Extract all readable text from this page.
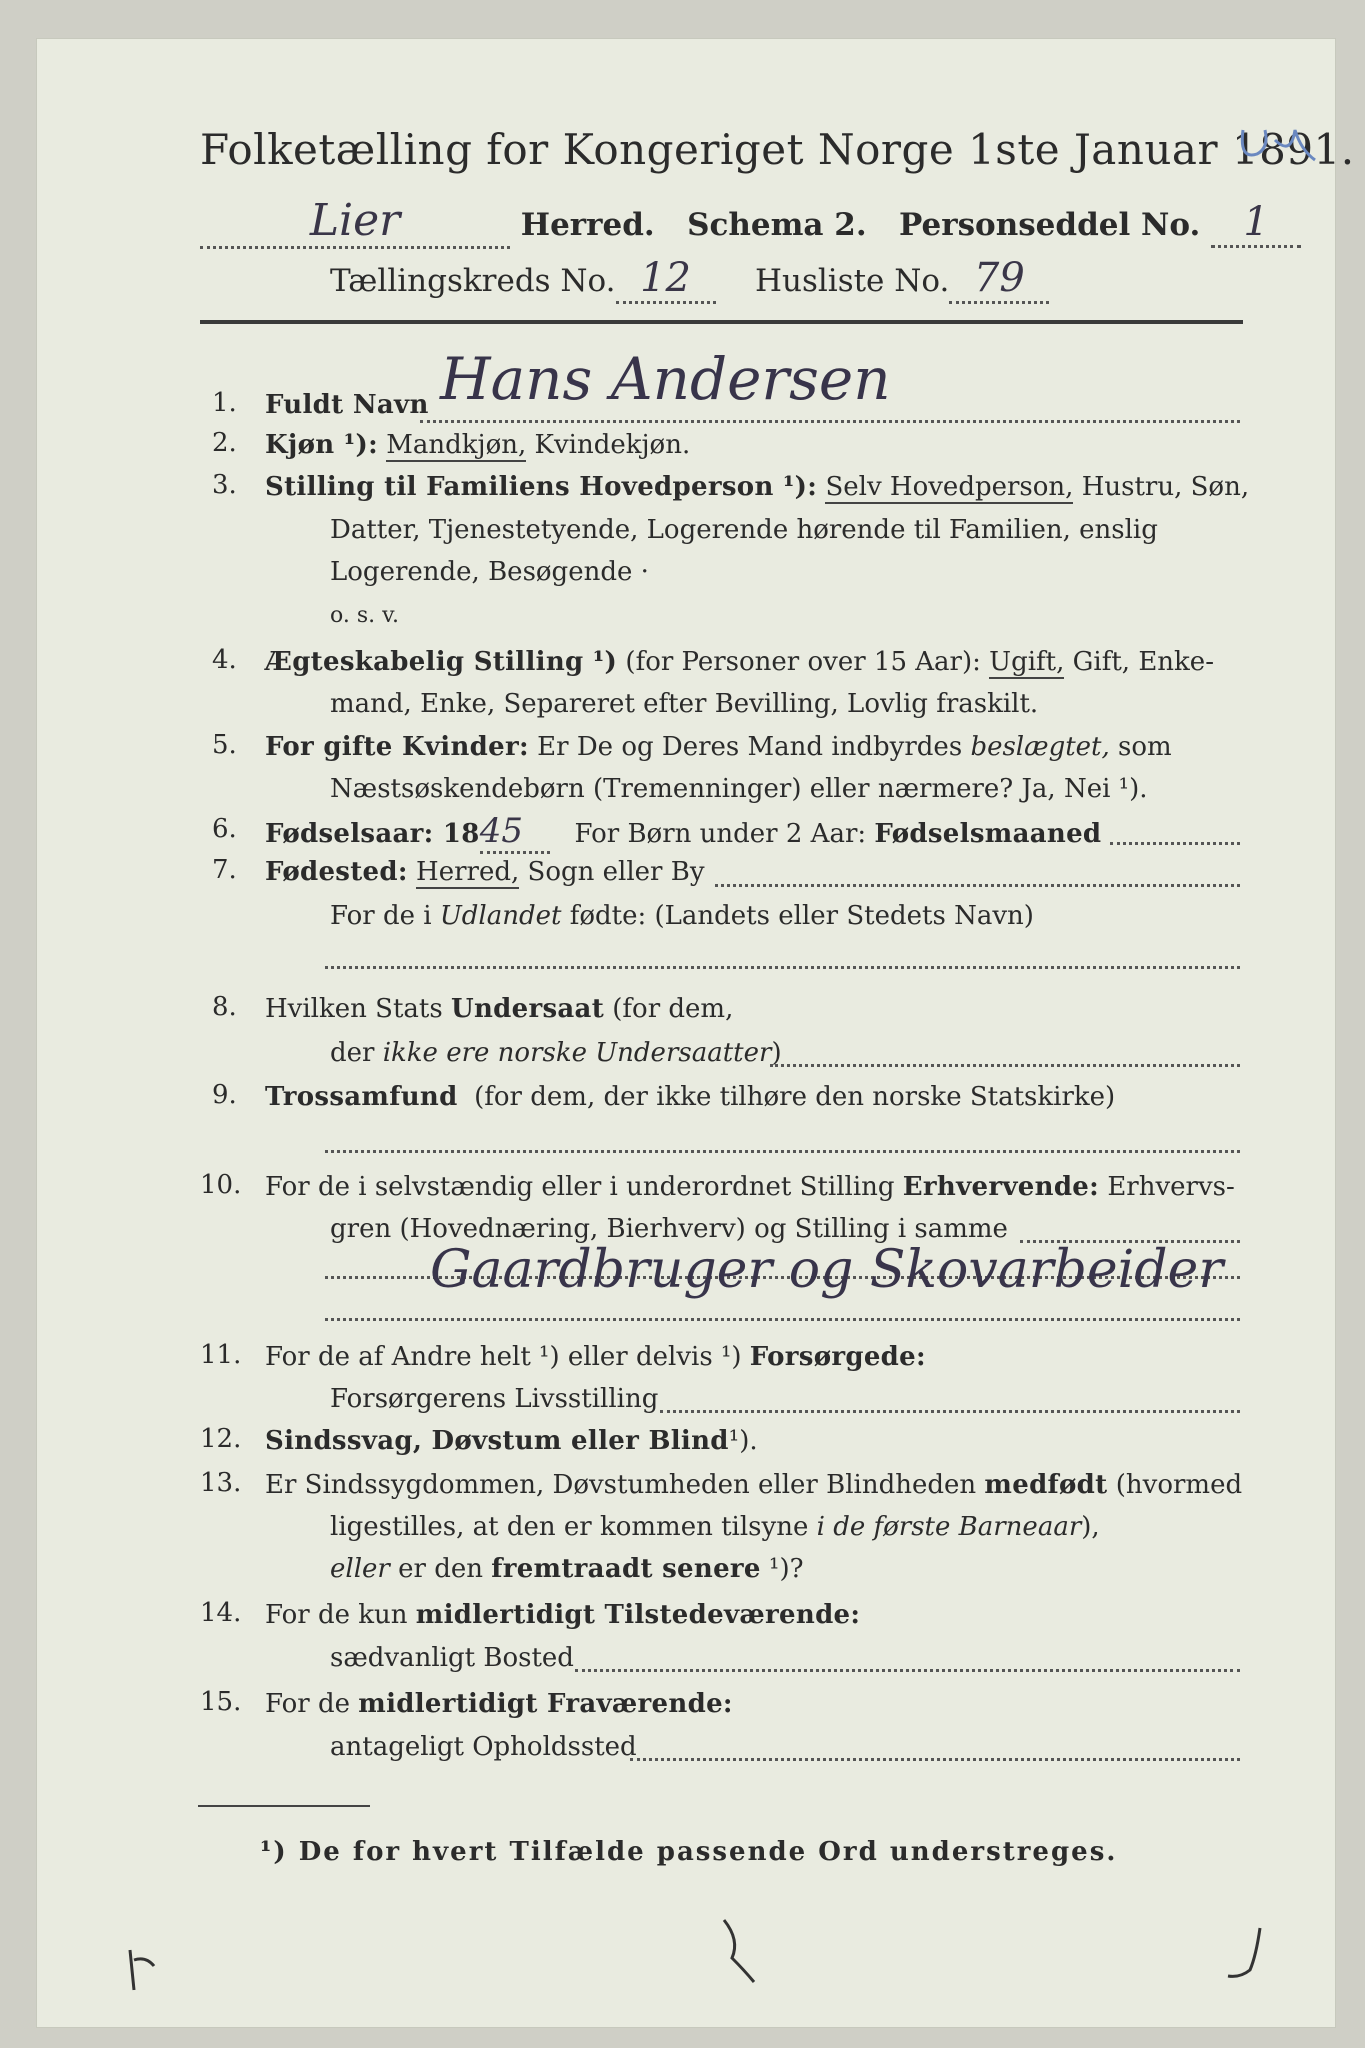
Folketælling for Kongeriget Norge 1ste Januar 1891.
Lier	Herred. Schema 2. Personseddel No. 1
Tællingskreds No. 12 Husliste No. 79
1. Fuldt Navn Hans Andersen
2. Kjøn ¹): Mandkjøn, Kvindekjøn.
3. Stilling til Familiens Hovedperson ¹): Selv Hovedperson, Hustru, Søn,
Datter, Tjenestetyende, Logerende hørende til Familien, enslig
Logerende, Besøgende ·
o. s. v.
4. Ægteskabelig Stilling ¹) (for Personer over 15 Aar): Ugift, Gift, Enke-
mand, Enke, Separeret efter Bevilling, Lovlig fraskilt.
5. For gifte Kvinder: Er De og Deres Mand indbyrdes beslægtet, som
Næstsøskendebørn (Tremenninger) eller nærmere? Ja, Nei ¹).
6. Fødselsaar: 1845 For Børn under 2 Aar: Fødselsmaaned
7. Fødested: Herred, Sogn eller By
For de i Udlandet fødte: (Landets eller Stedets Navn)
8. Hvilken Stats Undersaat (for dem,
der ikke ere norske Undersaatter)
9. Trossamfund (for dem, der ikke tilhøre den norske Statskirke)
10. For de i selvstændig eller i underordnet Stilling Erhvervende: Erhvervs-
gren (Hovednæring, Bierhverv) og Stilling i samme
Gaardbruger og Skovarbeider
11. For de af Andre helt ¹) eller delvis ¹) Forsørgede:
Forsørgerens Livsstilling
12. Sindssvag, Døvstum eller Blind¹).
13. Er Sindssygdommen, Døvstumheden eller Blindheden medfødt (hvormed
ligestilles, at den er kommen tilsyne i de første Barneaar),
eller er den fremtraadt senere ¹)?
14. For de kun midlertidigt Tilstedeværende:
sædvanligt Bosted
15. For de midlertidigt Fraværende:
antageligt Opholdssted
¹) De for hvert Tilfælde passende Ord understreges.
